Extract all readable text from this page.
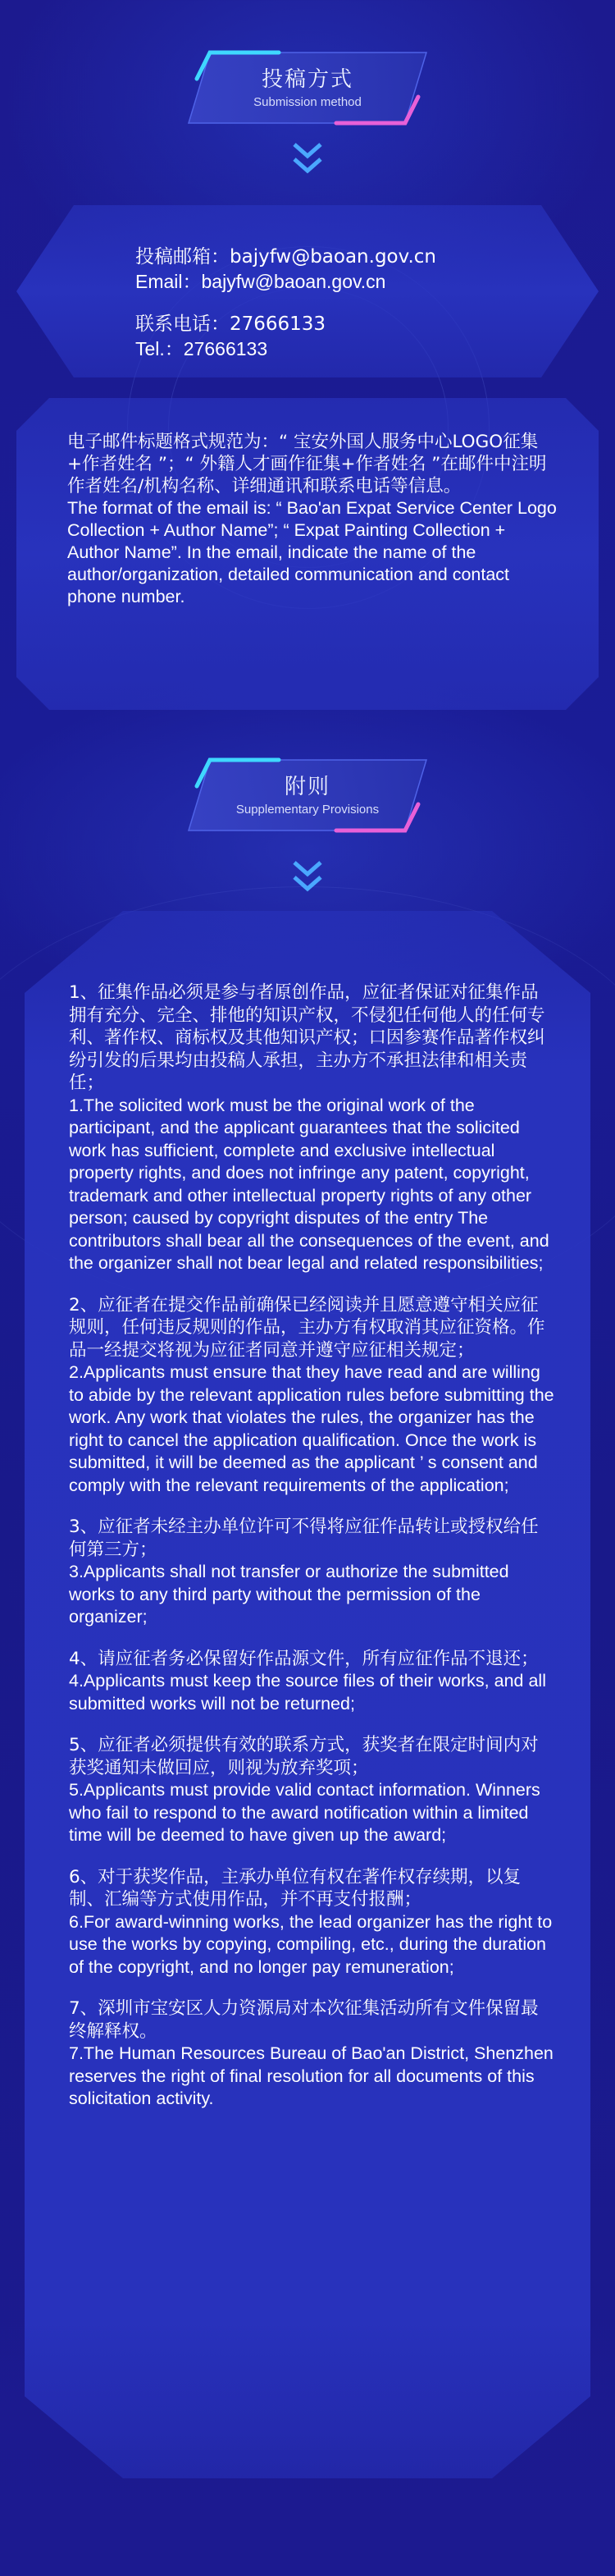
投稿方式
Submission method
投稿邮箱：bajyfw@baoan.gov.cn
Email：bajyfw@baoan.gov.cn
联系电话：27666133
Tel.：27666133

电子邮件标题格式规范为：“ 宝安外国人服务中心LOGO征集+作者姓名 ”；“ 外籍人才画作征集+作者姓名 ”在邮件中注明作者姓名/机构名称、详细通讯和联系电话等信息。

The format of the email is: “ Bao'an Expat Service Center Logo Collection + Author Name”; “ Expat Painting Collection + Author Name”. In the email, indicate the name of the author/organization, detailed communication and contact phone number.

附则
Supplementary Provisions

1、征集作品必须是参与者原创作品，应征者保证对征集作品拥有充分、完全、排他的知识产权，不侵犯任何他人的任何专利、著作权、商标权及其他知识产权；口因参赛作品著作权纠纷引发的后果均由投稿人承担，主办方不承担法律和相关责任；

1.The solicited work must be the original work of the participant, and the applicant guarantees that the solicited work has sufficient, complete and exclusive intellectual property rights, and does not infringe any patent, copyright, trademark and other intellectual property rights of any other person; caused by copyright disputes of the entry The contributors shall bear all the consequences of the event, and the organizer shall not bear legal and related responsibilities;

2、应征者在提交作品前确保已经阅读并且愿意遵守相关应征规则，任何违反规则的作品，主办方有权取消其应征资格。作品一经提交将视为应征者同意并遵守应征相关规定；

2.Applicants must ensure that they have read and are willing to abide by the relevant application rules before submitting the work. Any work that violates the rules, the organizer has the right to cancel the application qualification. Once the work is submitted, it will be deemed as the applicant ’ s consent and comply with the relevant requirements of the application;

3、应征者未经主办单位许可不得将应征作品转让或授权给任何第三方；

3.Applicants shall not transfer or authorize the submitted works to any third party without the permission of the organizer;

4、请应征者务必保留好作品源文件，所有应征作品不退还；

4.Applicants must keep the source files of their works, and all submitted works will not be returned;

5、应征者必须提供有效的联系方式，获奖者在限定时间内对获奖通知未做回应，则视为放弃奖项；

5.Applicants must provide valid contact information. Winners who fail to respond to the award notification within a limited time will be deemed to have given up the award;

6、对于获奖作品，主承办单位有权在著作权存续期，以复制、汇编等方式使用作品，并不再支付报酬；

6.For award-winning works, the lead organizer has the right to use the works by copying, compiling, etc., during the duration of the copyright, and no longer pay remuneration;

7、深圳市宝安区人力资源局对本次征集活动所有文件保留最终解释权。

7.The Human Resources Bureau of Bao'an District, Shenzhen reserves the right of final resolution for all documents of this solicitation activity.
